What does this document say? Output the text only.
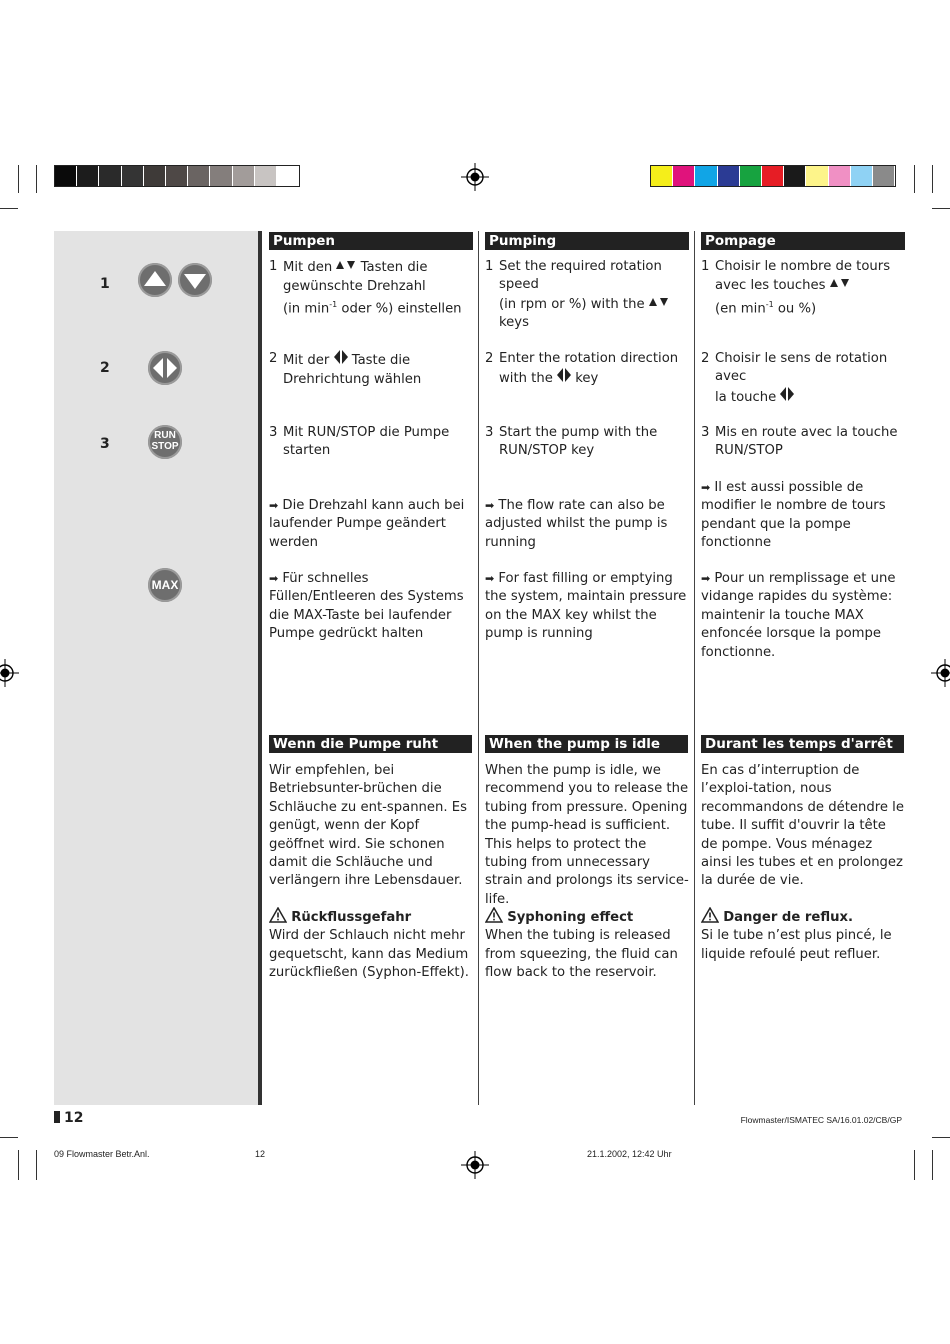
1
2
3
RUN
STOP
MAX
Pumpen
1 Mit den Tasten die
gewünschte Drehzahl
(in $\min^{-1}$ oder %) einstellen
2 Mit der Taste die
Drehrichtung wählen
3 Mit RUN/STOP die Pumpe
starten
➡ Die Drehzahl kann auch bei laufender Pumpe geändert werden
➡ Für schnelles Füllen/Entleeren des Systems die MAX-Taste bei laufender Pumpe gedrückt halten
Wenn die Pumpe ruht
Wir empfehlen, bei Betriebsunter-brüchen die Schläuche zu ent-spannen. Es genügt, wenn der Kopf geöffnet wird. Sie schonen damit die Schläuche und verlängern ihre Lebensdauer.
Rückflussgefahr
Wird der Schlauch nicht mehr gequetscht, kann das Medium zurückfließen (Syphon-Effekt).
Pumping
1 Set the required rotation speed
(in rpm or %) with the
keys
2 Enter the rotation direction
with the key
3 Start the pump with the
RUN/STOP key
➡ The flow rate can also be adjusted whilst the pump is running
➡ For fast filling or emptying the system, maintain pressure on the MAX key whilst the pump is running
When the pump is idle
When the pump is idle, we recommend you to release the tubing from pressure. Opening the pump-head is sufficient. This helps to protect the tubing from unnecessary strain and prolongs its service-life.
Syphoning effect
When the tubing is released from squeezing, the fluid can flow back to the reservoir.
Pompage
1 Choisir le nombre de tours
avec les touches
(en $\min^{-1}$ ou %)
2 Choisir le sens de rotation avec
la touche
3 Mis en route avec la touche
RUN/STOP
➡ Il est aussi possible de modifier le nombre de tours pendant que la pompe fonctionne
➡ Pour un remplissage et une vidange rapides du système: maintenir la touche MAX enfoncée lorsque la pompe fonctionne.
Durant les temps d'arrêt
En cas d’interruption de l’exploi-tation, nous recommandons de détendre le tube. Il suffit d'ouvrir la tête de pompe. Vous ménagez ainsi les tubes et en prolongez la durée de vie.
Danger de reflux.
Si le tube n’est plus pincé, le liquide refoulé peut refluer.
12	Flowmaster/ISMATEC SA/16.01.02/CB/GP
09 Flowmaster Betr.Anl.	12	21.1.2002, 12:42 Uhr
